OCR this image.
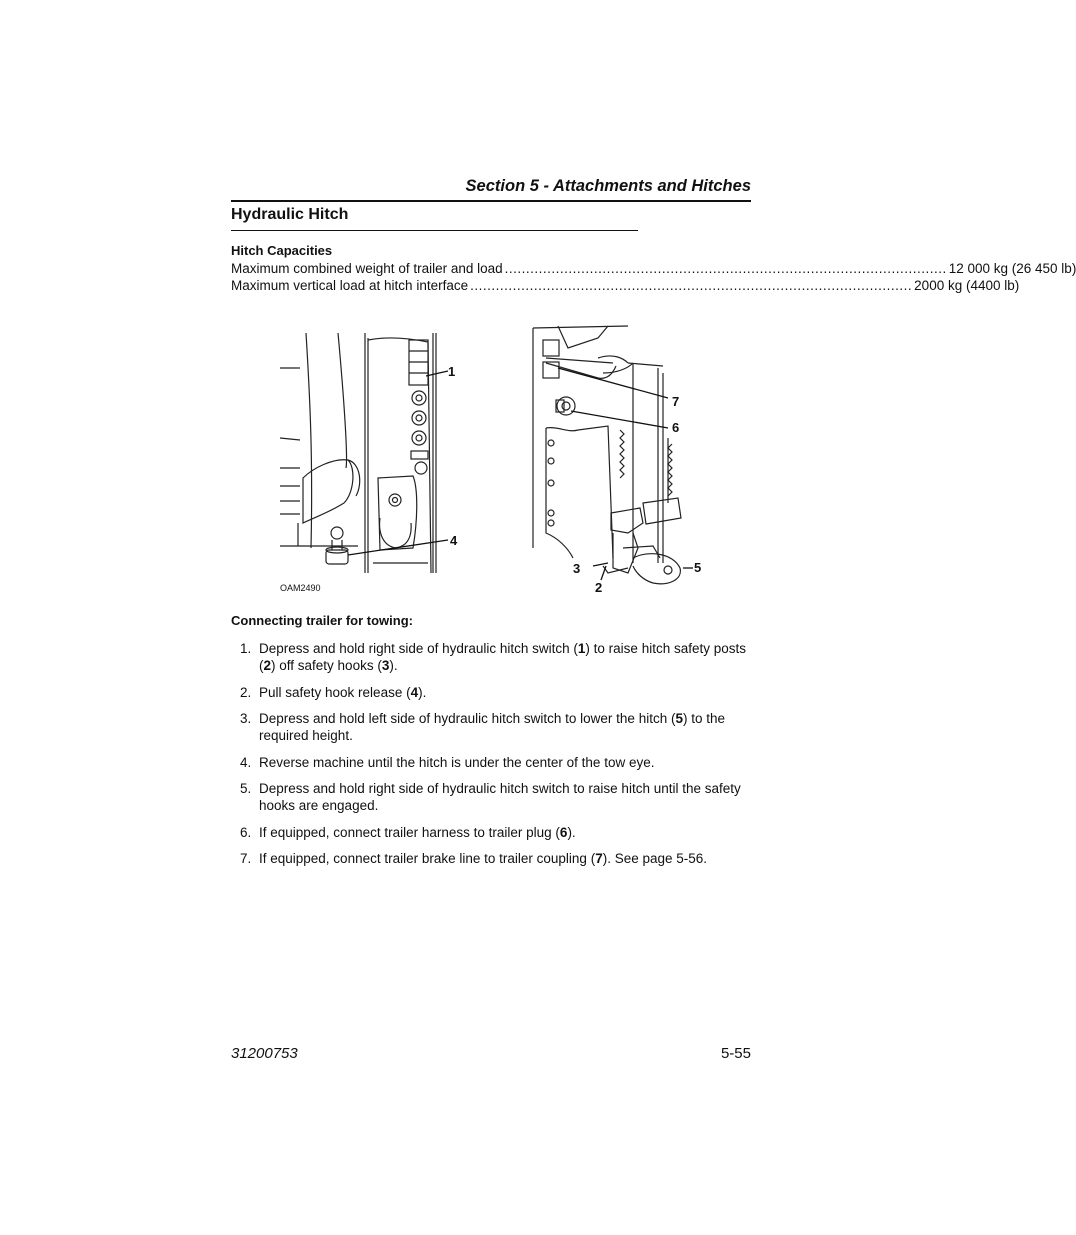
Section 5 - Attachments and Hitches
Hydraulic Hitch
Hitch Capacities
Maximum combined weight of trailer and load ........................................................................................................ 12 000 kg (26 450 lb)
Maximum vertical load at hitch interface ........................................................................................................ 2000 kg (4400 lb)
1
4
7
6
3
2
5
OAM2490
Connecting trailer for towing:
1. Depress and hold right side of hydraulic hitch switch (1) to raise hitch safety posts (2) off safety hooks (3).
2. Pull safety hook release (4).
3. Depress and hold left side of hydraulic hitch switch to lower the hitch (5) to the required height.
4. Reverse machine until the hitch is under the center of the tow eye.
5. Depress and hold right side of hydraulic hitch switch to raise hitch until the safety hooks are engaged.
6. If equipped, connect trailer harness to trailer plug (6).
7. If equipped, connect trailer brake line to trailer coupling (7). See page 5-56.
31200753	5-55
